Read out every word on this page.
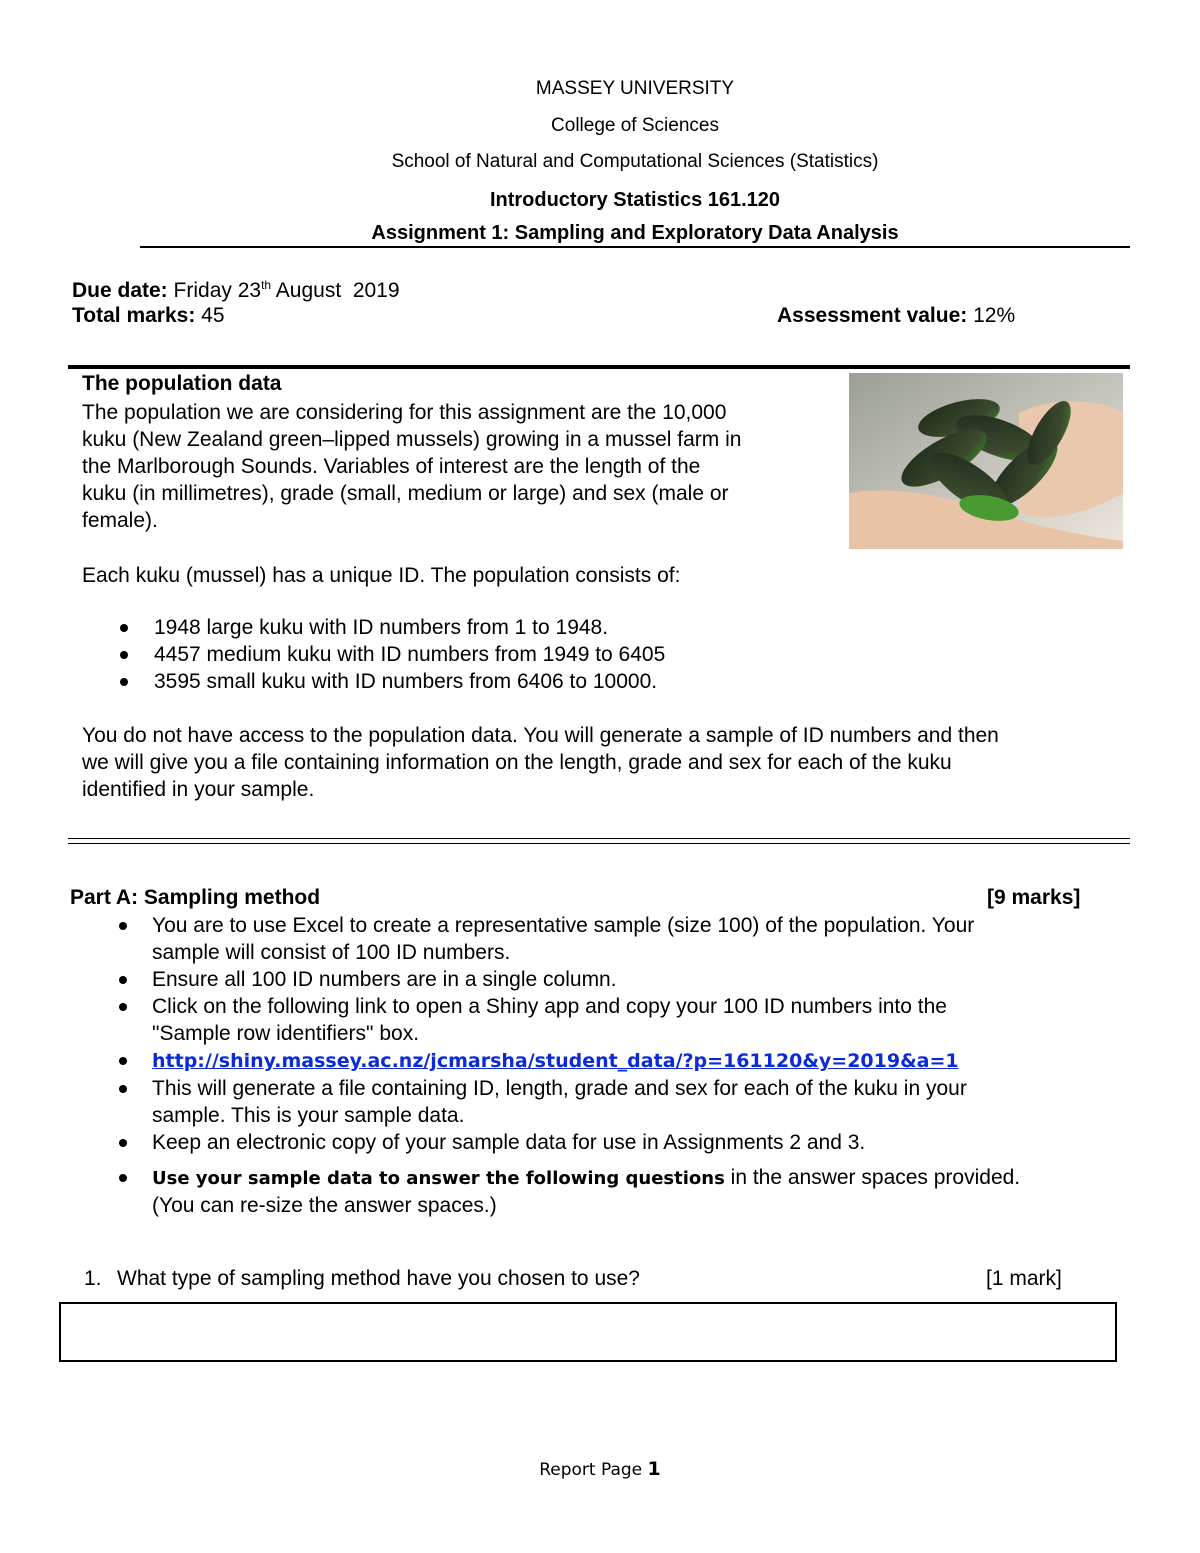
MASSEY UNIVERSITY
College of Sciences
School of Natural and Computational Sciences (Statistics)
Introductory Statistics 161.120
Assignment 1: Sampling and Exploratory Data Analysis
Due date: Friday 23th August  2019
Total marks: 45	Assessment value: 12%
The population data
The population we are considering for this assignment are the 10,000
kuku (New Zealand green–lipped mussels) growing in a mussel farm in
the Marlborough Sounds. Variables of interest are the length of the
kuku (in millimetres), grade (small, medium or large) and sex (male or
female).
Each kuku (mussel) has a unique ID. The population consists of:
1948 large kuku with ID numbers from 1 to 1948.
4457 medium kuku with ID numbers from 1949 to 6405
3595 small kuku with ID numbers from 6406 to 10000.
You do not have access to the population data. You will generate a sample of ID numbers and then
we will give you a file containing information on the length, grade and sex for each of the kuku
identified in your sample.
Part A: Sampling method	[9 marks]
You are to use Excel to create a representative sample (size 100) of the population. Your
sample will consist of 100 ID numbers.
Ensure all 100 ID numbers are in a single column.
Click on the following link to open a Shiny app and copy your 100 ID numbers into the
"Sample row identifiers" box.
http://shiny.massey.ac.nz/jcmarsha/student_data/?p=161120&y=2019&a=1
This will generate a file containing ID, length, grade and sex for each of the kuku in your
sample. This is your sample data.
Keep an electronic copy of your sample data for use in Assignments 2 and 3.
Use your sample data to answer the following questions in the answer spaces provided.
(You can re-size the answer spaces.)
1. What type of sampling method have you chosen to use?	[1 mark]
Report Page 1
